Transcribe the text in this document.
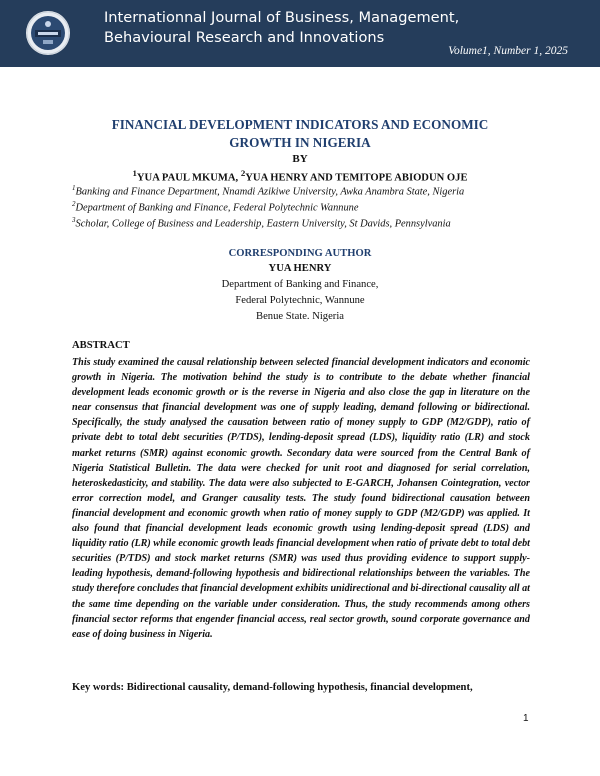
Internationnal Journal of Business, Management,
Behavioural Research and Innovations
Volume1, Number 1, 2025
FINANCIAL DEVELOPMENT INDICATORS AND ECONOMIC
GROWTH IN NIGERIA
BY
$^1$YUA PAUL MKUMA, $^2$YUA HENRY AND TEMITOPE ABIODUN OJE
$^1$Banking and Finance Department, Nnamdi Azikiwe University, Awka Anambra State, Nigeria
$^2$Department of Banking and Finance, Federal Polytechnic Wannune
$^3$Scholar, College of Business and Leadership, Eastern University, St Davids, Pennsylvania
CORRESPONDING AUTHOR
YUA HENRY
Department of Banking and Finance,
Federal Polytechnic, Wannune
Benue State. Nigeria
ABSTRACT

This study examined the causal relationship between selected financial development indicators and economic growth in Nigeria. The motivation behind the study is to contribute to the debate whether financial development leads economic growth or is the reverse in Nigeria and also close the gap in literature on the near consensus that financial development was one of supply leading, demand following or bidirectional. Specifically, the study analysed the causation between ratio of money supply to GDP (M2/GDP), ratio of private debt to total debt securities (P/TDS), lending-deposit spread (LDS), liquidity ratio (LR) and stock market returns (SMR) against economic growth. Secondary data were sourced from the Central Bank of Nigeria Statistical Bulletin. The data were checked for unit root and diagnosed for serial correlation, heteroskedasticity, and stability. The data were also subjected to E-GARCH, Johansen Cointegration, vector error correction model, and Granger causality tests. The study found bidirectional causation between financial development and economic growth when ratio of money supply to GDP (M2/GDP) was applied. It also found that financial development leads economic growth using lending-deposit spread (LDS) and liquidity ratio (LR) while economic growth leads financial development when ratio of private debt to total debt securities (P/TDS) and stock market returns (SMR) was used thus providing evidence to support supply-leading hypothesis, demand-following hypothesis and bidirectional relationships between the variables. The study therefore concludes that financial development exhibits unidirectional and bi-directional causality all at the same time depending on the variable under consideration. Thus, the study recommends among others financial sector reforms that engender financial access, real sector growth, sound corporate governance and ease of doing business in Nigeria.

Key words: Bidirectional causality, demand-following hypothesis, financial development,
1
